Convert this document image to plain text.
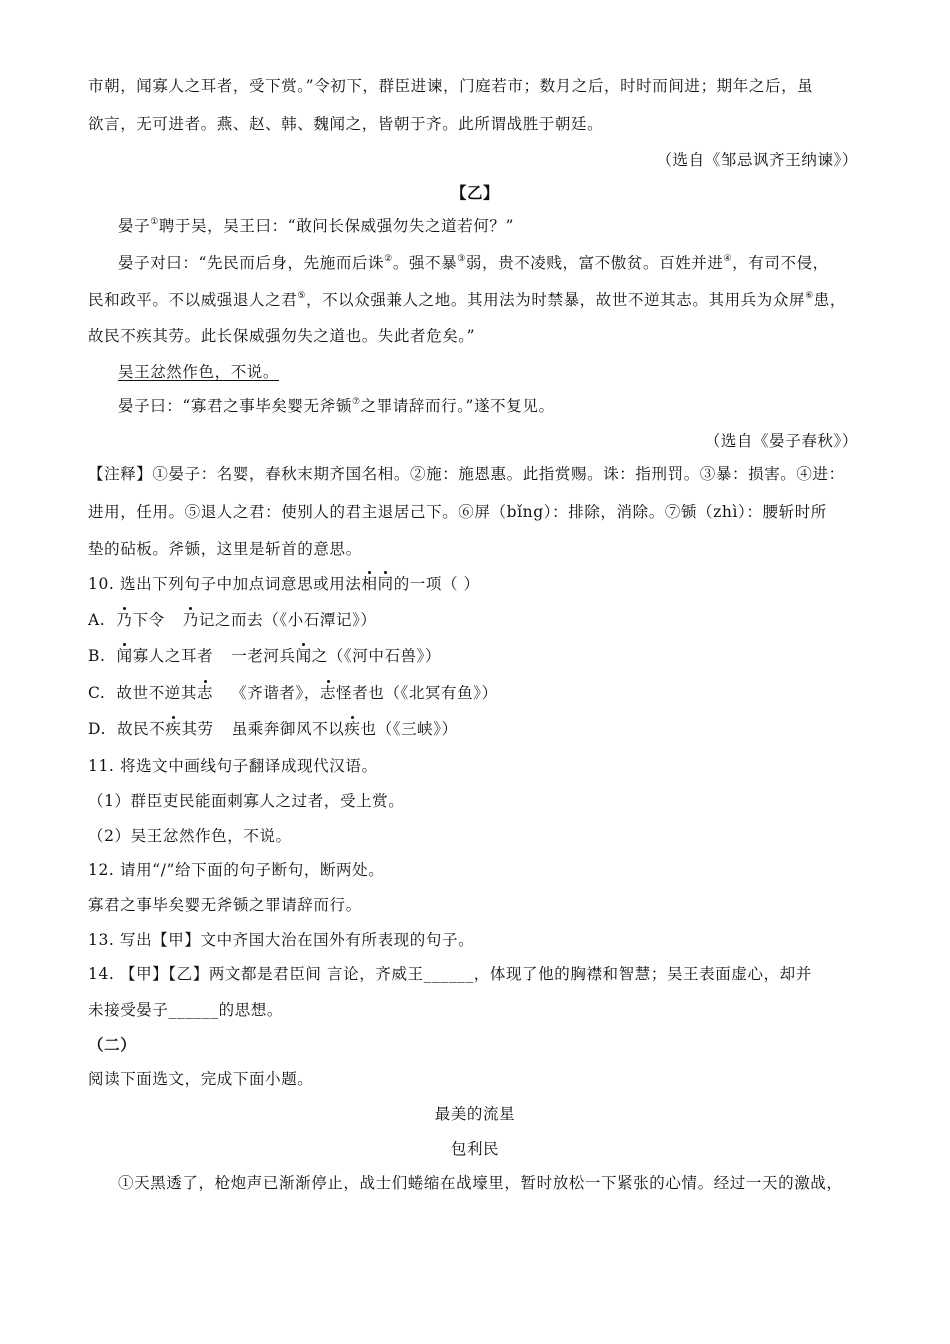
市朝，闻寡人之耳者，受下赏。”令初下，群臣进谏，门庭若市；数月之后，时时而间进；期年之后，虽
欲言，无可进者。燕、赵、韩、魏闻之，皆朝于齐。此所谓战胜于朝廷。
（选自《邹忌讽齐王纳谏》）
【乙】
晏子①聘于吴，吴王曰：“敢问长保威强勿失之道若何？”
晏子对曰：“先民而后身，先施而后诛②。强不暴③弱，贵不凌贱，富不傲贫。百姓并进④，有司不侵，
民和政平。不以威强退人之君⑤，不以众强兼人之地。其用法为时禁暴，故世不逆其志。其用兵为众屏⑥患，
故民不疾其劳。此长保威强勿失之道也。失此者危矣。”
吴王忿然作色，不说。
晏子曰：“寡君之事毕矣婴无斧锧⑦之罪请辞而行。”遂不复见。
（选自《晏子春秋》）
【注释】①晏子：名婴，春秋末期齐国名相。②施：施恩惠。此指赏赐。诛：指刑罚。③暴：损害。④进：
进用，任用。⑤退人之君：使别人的君主退居己下。⑥屏（bǐng）：排除，消除。⑦锧（zhì）：腰斩时所
垫的砧板。斧锧，这里是斩首的意思。
10. 选出下列句子中加点词意思或用法相同的一项（ ）
A. 乃下令 乃记之而去（《小石潭记》）
B. 闻寡人之耳者 一老河兵闻之（《河中石兽》）
C. 故世不逆其志 《齐谐者》，志怪者也（《北冥有鱼》）
D. 故民不疾其劳 虽乘奔御风不以疾也（《三峡》）
11. 将选文中画线句子翻译成现代汉语。
（1）群臣吏民能面刺寡人之过者，受上赏。
（2）吴王忿然作色，不说。
12. 请用“/”给下面的句子断句，断两处。
寡君之事毕矣婴无斧锧之罪请辞而行。
13. 写出【甲】文中齐国大治在国外有所表现的句子。
14. 【甲】【乙】两文都是君臣间 言论，齐威王______，体现了他的胸襟和智慧；吴王表面虚心，却并
未接受晏子______的思想。
（二）
阅读下面选文，完成下面小题。
最美的流星
包利民
①天黑透了，枪炮声已渐渐停止，战士们蜷缩在战壕里，暂时放松一下紧张的心情。经过一天的激战，
